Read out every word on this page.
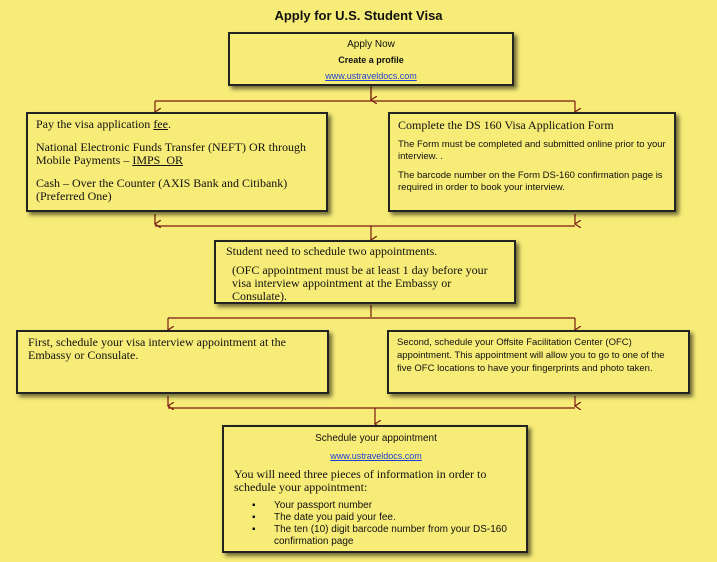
Apply for U.S. Student Visa

Apply Now

Create a profile

www.ustraveldocs.com

Pay the visa application fee.

National Electronic Funds Transfer (NEFT) OR through Mobile Payments – IMPS OR

Cash – Over the Counter (AXIS Bank and Citibank) (Preferred One)

Complete the DS 160 Visa Application Form

The Form must be completed and submitted online prior to your interview. .

The barcode number on the Form DS-160 confirmation page is required in order to book your interview.

Student need to schedule two appointments.

(OFC appointment must be at least 1 day before your visa interview appointment at the Embassy or Consulate).

First, schedule your visa interview appointment at the Embassy or Consulate.

Second, schedule your Offsite Facilitation Center (OFC) appointment. This appointment will allow you to go to one of the five OFC locations to have your fingerprints and photo taken.

Schedule your appointment

www.ustraveldocs.com

You will need three pieces of information in order to schedule your appointment:

▪ Your passport number
▪ The date you paid your fee.
▪ The ten (10) digit barcode number from your DS-160 confirmation page
